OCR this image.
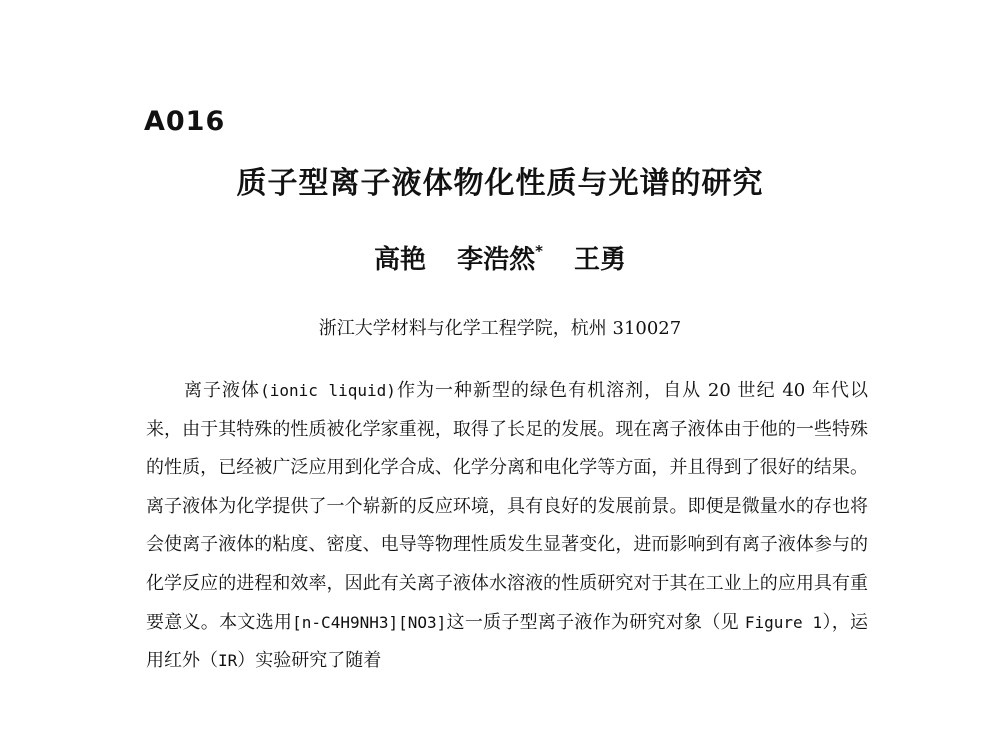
A016
质子型离子液体物化性质与光谱的研究
高艳 李浩然* 王勇
浙江大学材料与化学工程学院，杭州 310027

离子液体(ionic liquid)作为一种新型的绿色有机溶剂，自从 20 世纪 40 年代以来，由于其特殊的性质被化学家重视，取得了长足的发展。现在离子液体由于他的一些特殊的性质，已经被广泛应用到化学合成、化学分离和电化学等方面，并且得到了很好的结果。离子液体为化学提供了一个崭新的反应环境，具有良好的发展前景。即便是微量水的存也将会使离子液体的粘度、密度、电导等物理性质发生显著变化，进而影响到有离子液体参与的化学反应的进程和效率，因此有关离子液体水溶液的性质研究对于其在工业上的应用具有重要意义。本文选用[n-C4H9NH3][NO3]这一质子型离子液作为研究对象（见 Figure 1），运用红外（IR）实验研究了随着
